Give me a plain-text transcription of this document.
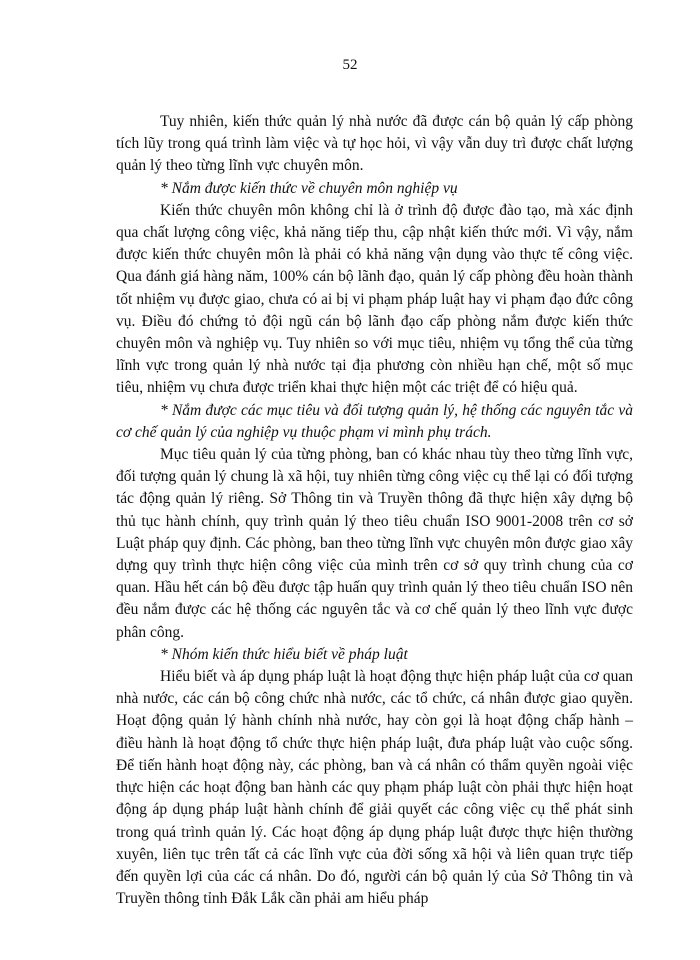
52

Tuy nhiên, kiến thức quản lý nhà nước đã được cán bộ quản lý cấp phòng tích lũy trong quá trình làm việc và tự học hỏi, vì vậy vẫn duy trì được chất lượng quản lý theo từng lĩnh vực chuyên môn.

* Nắm được kiến thức về chuyên môn nghiệp vụ

Kiến thức chuyên môn không chỉ là ở trình độ được đào tạo, mà xác định qua chất lượng công việc, khả năng tiếp thu, cập nhật kiến thức mới. Vì vậy, nắm được kiến thức chuyên môn là phải có khả năng vận dụng vào thực tế công việc. Qua đánh giá hàng năm, 100% cán bộ lãnh đạo, quản lý cấp phòng đều hoàn thành tốt nhiệm vụ được giao, chưa có ai bị vi phạm pháp luật hay vi phạm đạo đức công vụ. Điều đó chứng tỏ đội ngũ cán bộ lãnh đạo cấp phòng nắm được kiến thức chuyên môn và nghiệp vụ. Tuy nhiên so với mục tiêu, nhiệm vụ tổng thể của từng lĩnh vực trong quản lý nhà nước tại địa phương còn nhiều hạn chế, một số mục tiêu, nhiệm vụ chưa được triển khai thực hiện một các triệt để có hiệu quả.

* Nắm được các mục tiêu và đối tượng quản lý, hệ thống các nguyên tắc và cơ chế quản lý của nghiệp vụ thuộc phạm vi mình phụ trách.

Mục tiêu quản lý của từng phòng, ban có khác nhau tùy theo từng lĩnh vực, đối tượng quản lý chung là xã hội, tuy nhiên từng công việc cụ thể lại có đối tượng tác động quản lý riêng. Sở Thông tin và Truyền thông đã thực hiện xây dựng bộ thủ tục hành chính, quy trình quản lý theo tiêu chuẩn ISO 9001-2008 trên cơ sở Luật pháp quy định. Các phòng, ban theo từng lĩnh vực chuyên môn được giao xây dựng quy trình thực hiện công việc của mình trên cơ sở quy trình chung của cơ quan. Hầu hết cán bộ đều được tập huấn quy trình quản lý theo tiêu chuẩn ISO nên đều nắm được các hệ thống các nguyên tắc và cơ chế quản lý theo lĩnh vực được phân công.

* Nhóm kiến thức hiểu biết về pháp luật

Hiểu biết và áp dụng pháp luật là hoạt động thực hiện pháp luật của cơ quan nhà nước, các cán bộ công chức nhà nước, các tổ chức, cá nhân được giao quyền. Hoạt động quản lý hành chính nhà nước, hay còn gọi là hoạt động chấp hành – điều hành là hoạt động tổ chức thực hiện pháp luật, đưa pháp luật vào cuộc sống. Để tiến hành hoạt động này, các phòng, ban và cá nhân có thẩm quyền ngoài việc thực hiện các hoạt động ban hành các quy phạm pháp luật còn phải thực hiện hoạt động áp dụng pháp luật hành chính để giải quyết các công việc cụ thể phát sinh trong quá trình quản lý. Các hoạt động áp dụng pháp luật được thực hiện thường xuyên, liên tục trên tất cả các lĩnh vực của đời sống xã hội và liên quan trực tiếp đến quyền lợi của các cá nhân. Do đó, người cán bộ quản lý của Sở Thông tin và Truyền thông tỉnh Đắk Lắk cần phải am hiểu pháp
